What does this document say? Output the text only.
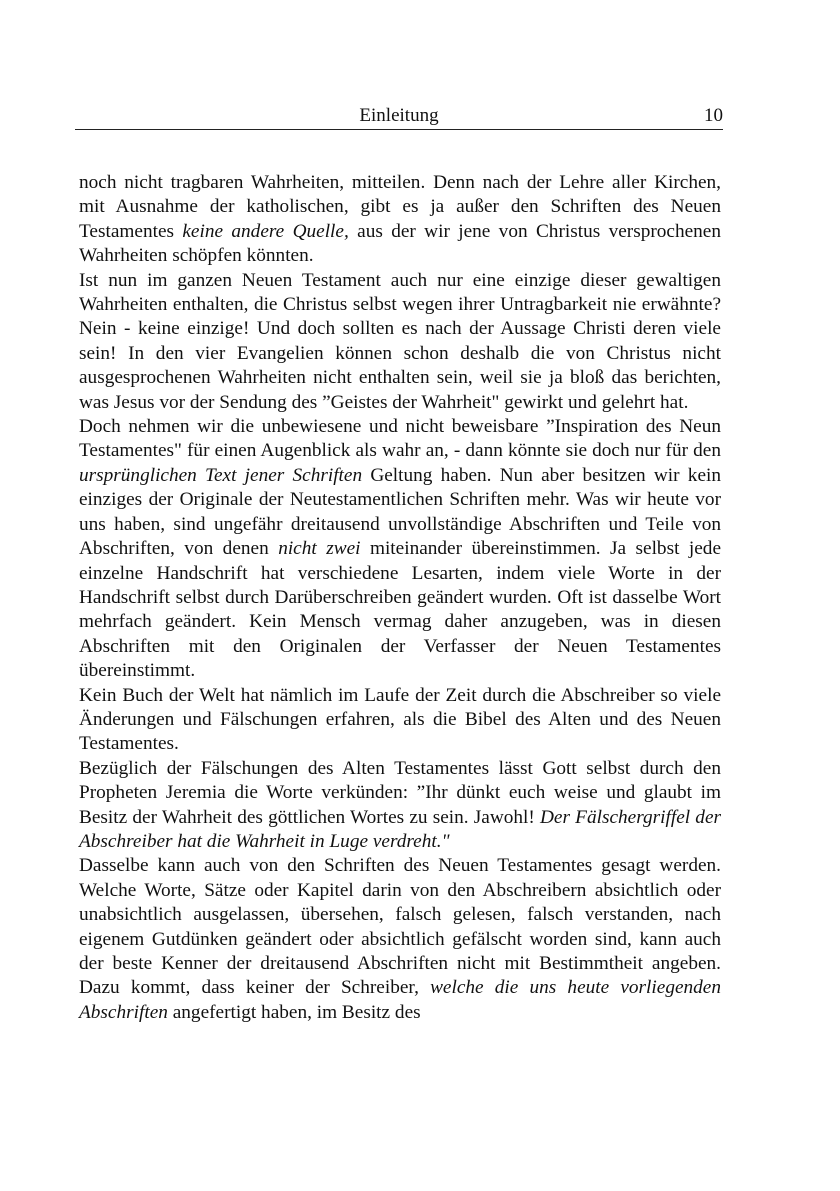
Einleitung	10

noch nicht tragbaren Wahrheiten, mitteilen. Denn nach der Lehre aller Kirchen, mit Ausnahme der katholischen, gibt es ja außer den Schriften des Neuen Testamentes keine andere Quelle, aus der wir jene von Christus versprochenen Wahrheiten schöpfen könnten.

Ist nun im ganzen Neuen Testament auch nur eine einzige dieser gewaltigen Wahrheiten enthalten, die Christus selbst wegen ihrer Untragbarkeit nie erwähnte? Nein - keine einzige! Und doch sollten es nach der Aussage Christi deren viele sein! In den vier Evangelien können schon deshalb die von Christus nicht ausgesprochenen Wahrheiten nicht enthalten sein, weil sie ja bloß das berichten, was Jesus vor der Sendung des ”Geistes der Wahrheit" gewirkt und gelehrt hat.

Doch nehmen wir die unbewiesene und nicht beweisbare ”Inspiration des Neun Testamentes" für einen Augenblick als wahr an, - dann könnte sie doch nur für den ursprünglichen Text jener Schriften Geltung haben. Nun aber besitzen wir kein einziges der Originale der Neutestamentlichen Schriften mehr. Was wir heute vor uns haben, sind ungefähr dreitausend unvollständige Abschriften und Teile von Abschriften, von denen nicht zwei miteinander übereinstimmen. Ja selbst jede einzelne Handschrift hat verschiedene Lesarten, indem viele Worte in der Handschrift selbst durch Darüberschreiben geändert wurden. Oft ist dasselbe Wort mehrfach geändert. Kein Mensch vermag daher anzugeben, was in diesen Abschriften mit den Originalen der Verfasser der Neuen Testamentes übereinstimmt.

Kein Buch der Welt hat nämlich im Laufe der Zeit durch die Abschreiber so viele Änderungen und Fälschungen erfahren, als die Bibel des Alten und des Neuen Testamentes.

Bezüglich der Fälschungen des Alten Testamentes lässt Gott selbst durch den Propheten Jeremia die Worte verkünden: ”Ihr dünkt euch weise und glaubt im Besitz der Wahrheit des göttlichen Wortes zu sein. Jawohl! Der Fälschergriffel der Abschreiber hat die Wahrheit in Luge verdreht."

Dasselbe kann auch von den Schriften des Neuen Testamentes gesagt werden. Welche Worte, Sätze oder Kapitel darin von den Abschreibern absichtlich oder unabsichtlich ausgelassen, übersehen, falsch gelesen, falsch verstanden, nach eigenem Gutdünken geändert oder absichtlich gefälscht worden sind, kann auch der beste Kenner der dreitausend Abschriften nicht mit Bestimmtheit angeben. Dazu kommt, dass keiner der Schreiber, welche die uns heute vorliegenden Abschriften angefertigt haben, im Besitz des
